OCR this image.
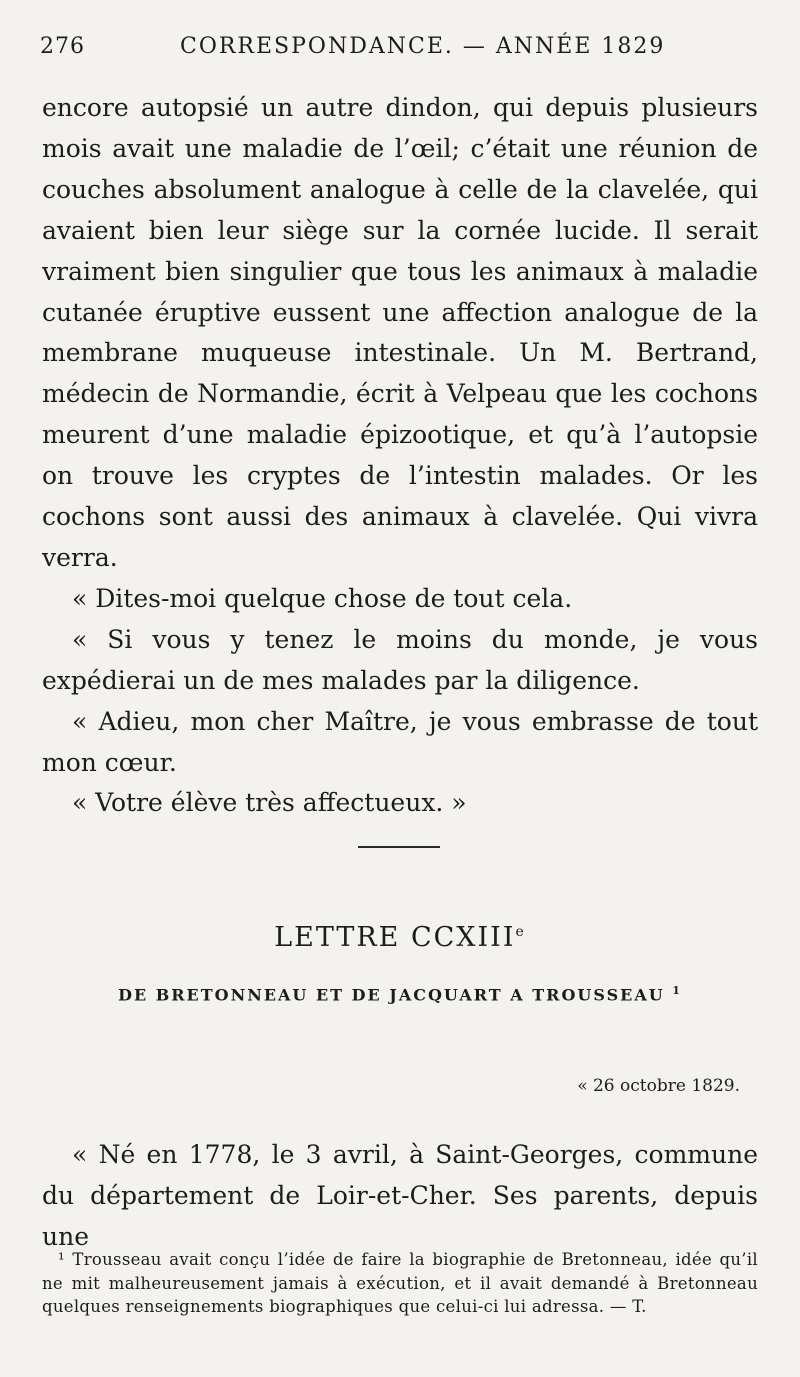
276	CORRESPONDANCE. — ANNÉE 1829

encore autopsié un autre dindon, qui depuis plusieurs mois avait une maladie de l’œil; c’était une réunion de couches absolument analogue à celle de la clavelée, qui avaient bien leur siège sur la cornée lucide. Il serait vraiment bien singulier que tous les animaux à maladie cutanée éruptive eussent une affection analogue de la membrane muqueuse intestinale. Un M. Bertrand, médecin de Normandie, écrit à Velpeau que les cochons meurent d’une maladie épizootique, et qu’à l’autopsie on trouve les cryptes de l’intestin malades. Or les cochons sont aussi des animaux à clavelée. Qui vivra verra.

« Dites-moi quelque chose de tout cela.

« Si vous y tenez le moins du monde, je vous expédierai un de mes malades par la diligence.

« Adieu, mon cher Maître, je vous embrasse de tout mon cœur.

« Votre élève très affectueux. »

LETTRE CCXIIIe
DE BRETONNEAU ET DE JACQUART A TROUSSEAU $^1$
« 26 octobre 1829.

« Né en 1778, le 3 avril, à Saint-Georges, commune du département de Loir-et-Cher. Ses parents, depuis une

¹ Trousseau avait conçu l’idée de faire la biographie de Bretonneau, idée qu’il ne mit malheureusement jamais à exécution, et il avait demandé à Bretonneau quelques renseignements biographiques que celui-ci lui adressa. — T.
